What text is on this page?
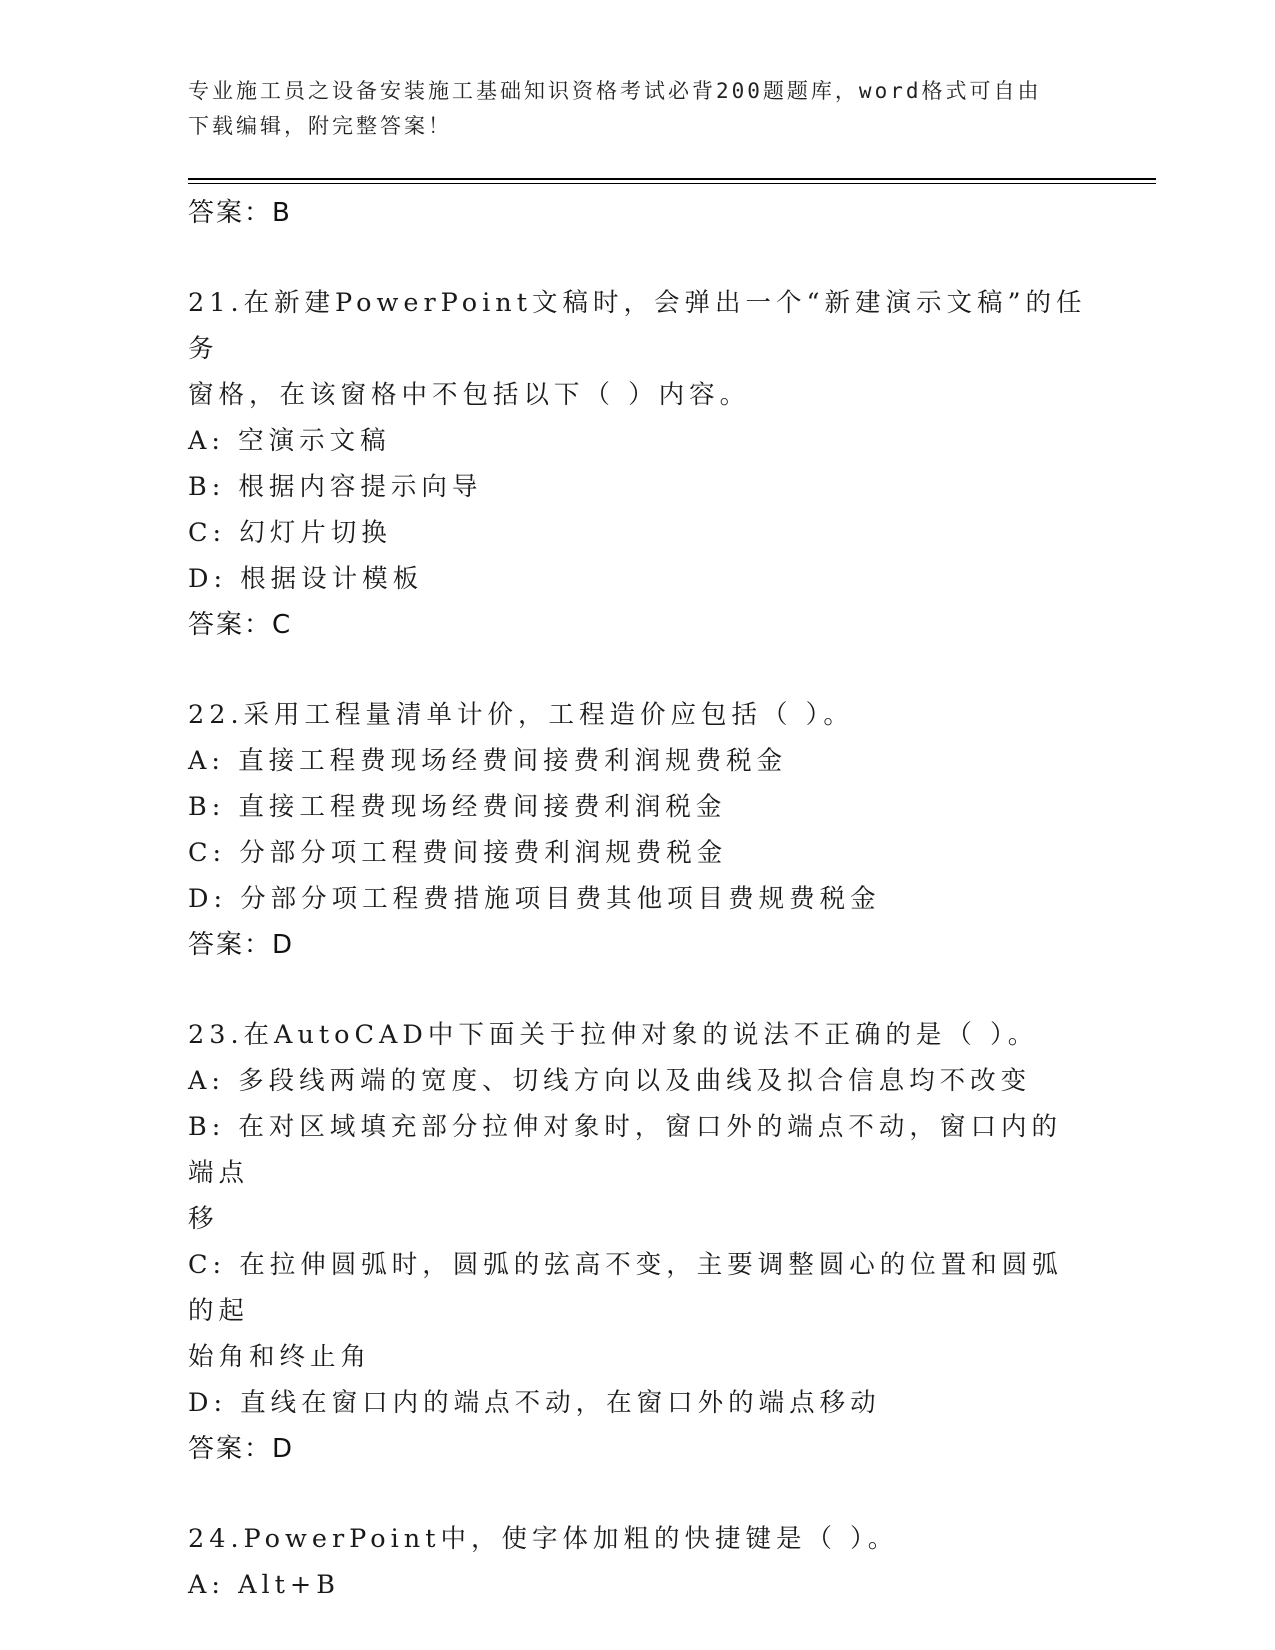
专业施工员之设备安装施工基础知识资格考试必背200题题库，word格式可自由
下载编辑，附完整答案！

答案：B

21.在新建PowerPoint文稿时，会弹出一个“新建演示文稿”的任务

窗格，在该窗格中不包括以下（ ）内容。

A: 空演示文稿

B: 根据内容提示向导

C: 幻灯片切换

D: 根据设计模板

答案：C

22.采用工程量清单计价，工程造价应包括（ ）。

A: 直接工程费现场经费间接费利润规费税金

B: 直接工程费现场经费间接费利润税金

C: 分部分项工程费间接费利润规费税金

D: 分部分项工程费措施项目费其他项目费规费税金

答案：D

23.在AutoCAD中下面关于拉伸对象的说法不正确的是（ ）。

A: 多段线两端的宽度、切线方向以及曲线及拟合信息均不改变

B: 在对区域填充部分拉伸对象时，窗口外的端点不动，窗口内的端点

移

C: 在拉伸圆弧时，圆弧的弦高不变，主要调整圆心的位置和圆弧的起

始角和终止角

D: 直线在窗口内的端点不动，在窗口外的端点移动

答案：D

24.PowerPoint中，使字体加粗的快捷键是（ ）。

A: Alt+B
